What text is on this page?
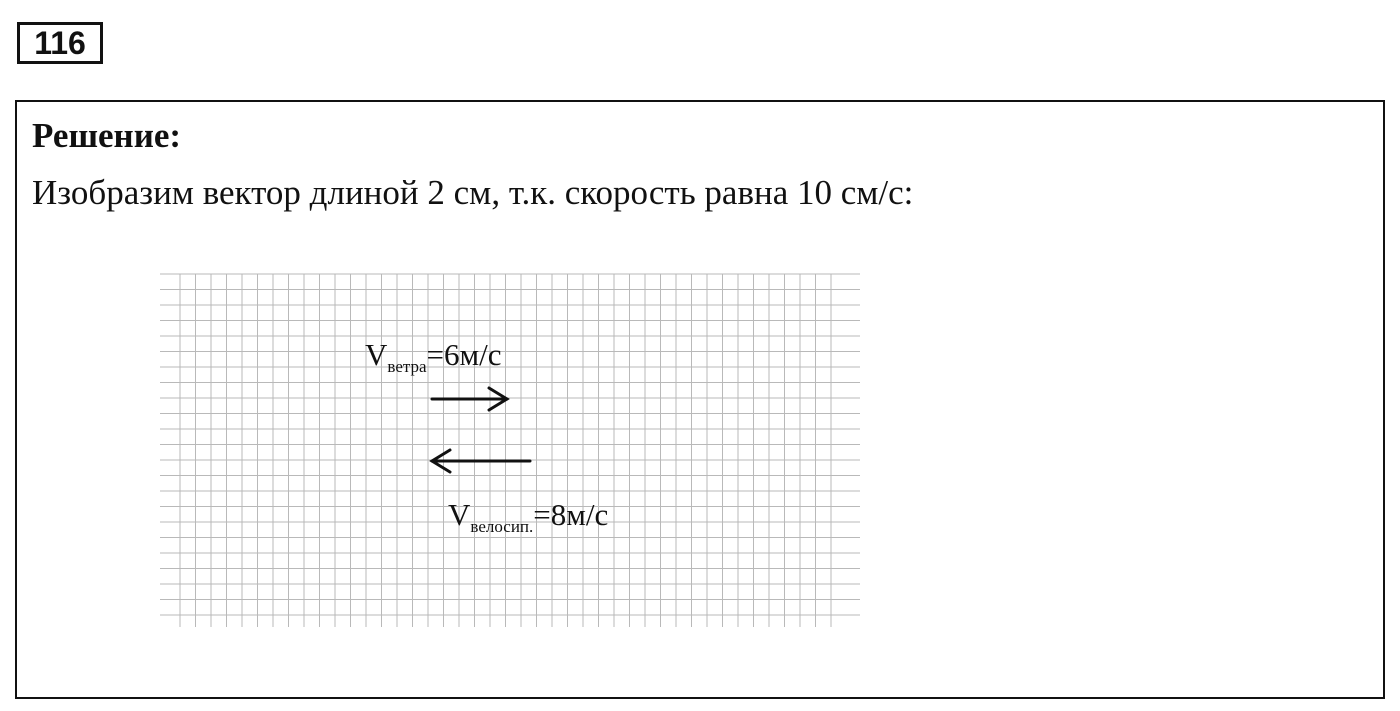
116
Решение:
Изобразим вектор длиной 2 см, т.к. скорость равна 10 см/с:
$V_{ветра}=6м/с$
$V_{велосип.}=8м/с$
